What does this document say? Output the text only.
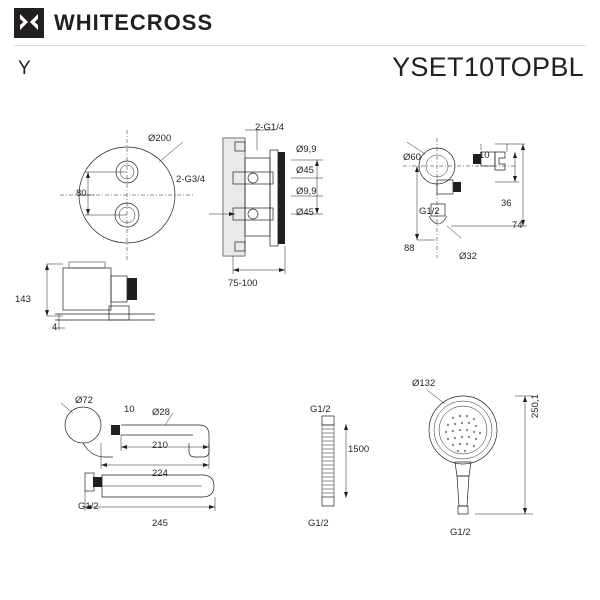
WHITECROSS
Y	YSET10TOPBL
Ø200
80
2-G1/4
2-G3/4
Ø9,9
Ø45
Ø9,9
Ø45
75-100
143
4
Ø60	10
G1/2
36
74
88
Ø32
Ø72
10 Ø28
210
224
G1/2
245
G1/2
1500
G1/2
Ø132
250,1
G1/2
